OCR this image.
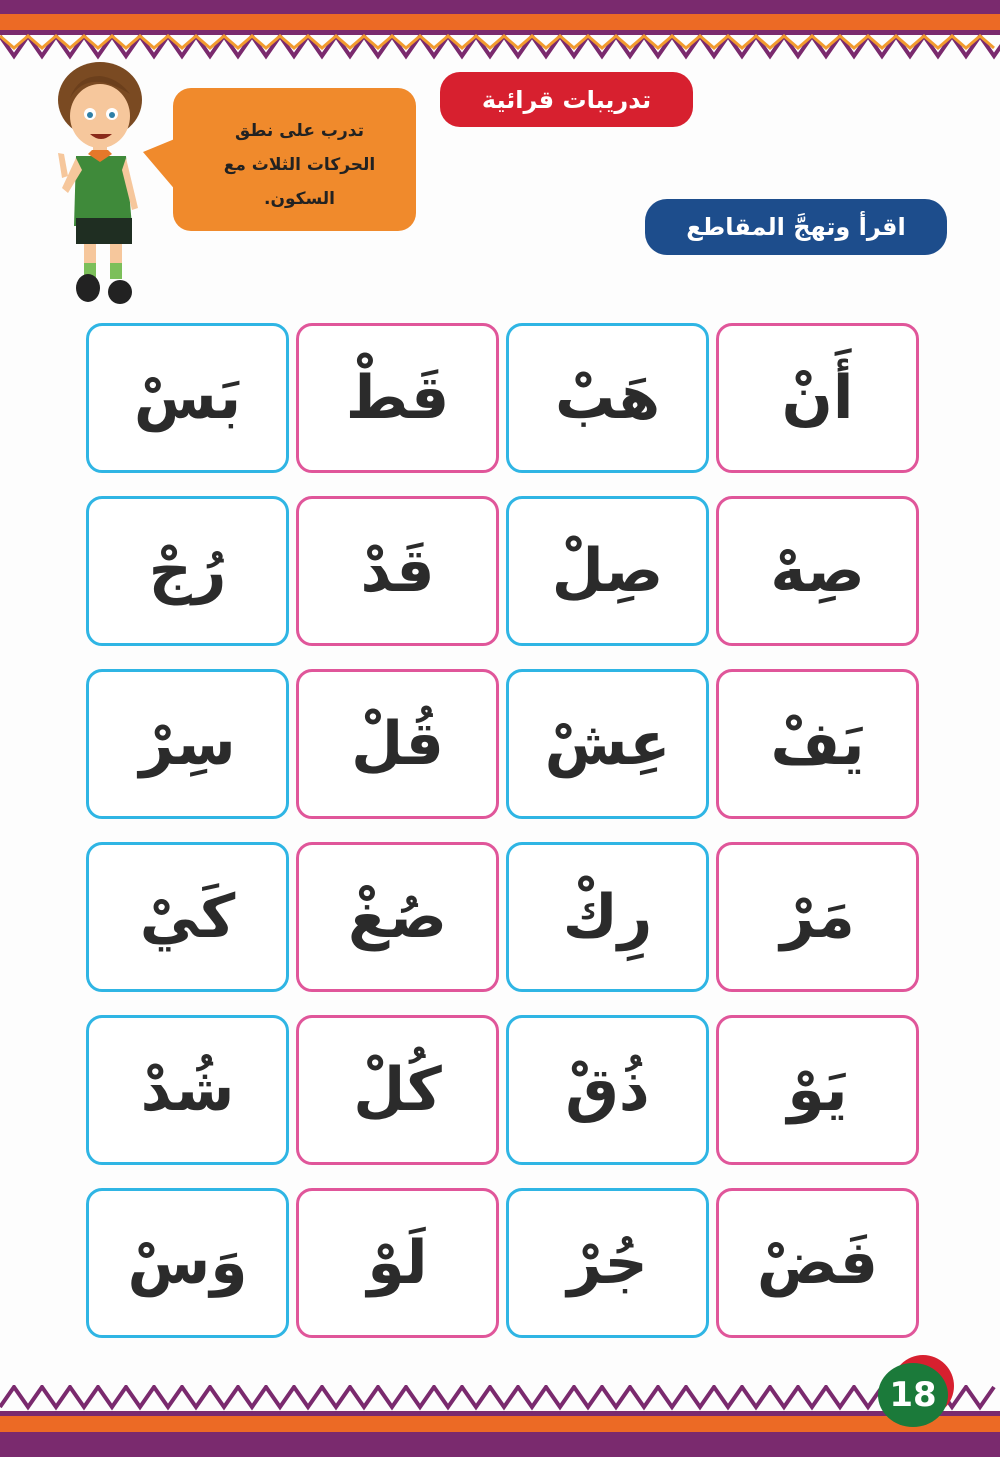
تدرب على نطق الحركات الثلاث مع السكون.
تدريبات قرائية
اقرأ وتهجَّ المقاطع
أَنْ
هَبْ
قَطْ
بَسْ
صِهْ
صِلْ
قَدْ
رُجْ
يَفْ
عِشْ
قُلْ
سِرْ
مَرْ
رِكْ
صُغْ
كَيْ
يَوْ
ذُقْ
كُلْ
شُدْ
فَضْ
جُرْ
لَوْ
وَسْ
18
